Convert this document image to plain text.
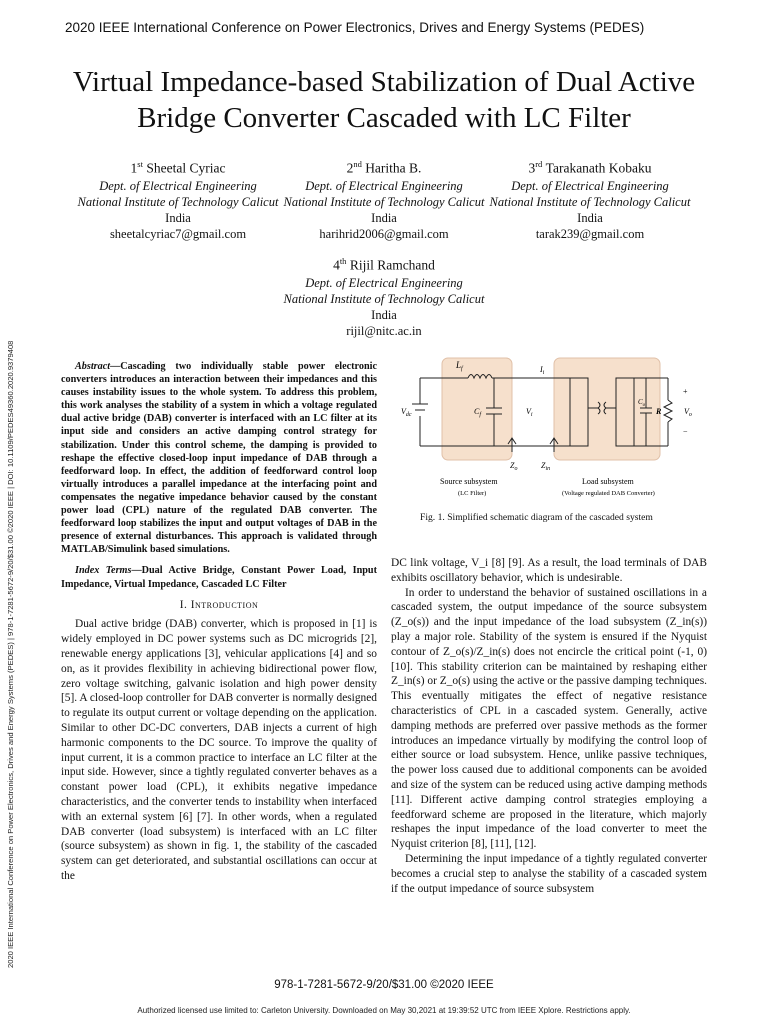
2020 IEEE International Conference on Power Electronics, Drives and Energy Systems (PEDES)
Virtual Impedance-based Stabilization of Dual Active Bridge Converter Cascaded with LC Filter
1st Sheetal Cyriac
Dept. of Electrical Engineering
National Institute of Technology Calicut
India
sheetalcyriac7@gmail.com
2nd Haritha B.
Dept. of Electrical Engineering
National Institute of Technology Calicut
India
harihrid2006@gmail.com
3rd Tarakanath Kobaku
Dept. of Electrical Engineering
National Institute of Technology Calicut
India
tarak239@gmail.com
4th Rijil Ramchand
Dept. of Electrical Engineering
National Institute of Technology Calicut
India
rijil@nitc.ac.in
2020 IEEE International Conference on Power Electronics, Drives and Energy Systems (PEDES) | 978-1-7281-5672-9/20/$31.00 ©2020 IEEE | DOI: 10.1109/PEDES49360.2020.9379408	Abstract—Cascading two individually stable power electronic converters introduces an interaction between their impedances and this causes instability issues to the whole system. To address this problem, this work analyses the stability of a system in which a voltage regulated dual active bridge (DAB) converter is interfaced with an LC filter at its input side and considers an active damping control strategy for stabilization. Under this control scheme, the damping is provided to reshape the effective closed-loop input impedance of DAB through a feedforward loop. In effect, the addition of feedforward control loop virtually introduces a parallel impedance at the interfacing point and compensates the negative impedance behavior caused by the constant power load (CPL) nature of the regulated DAB converter. The feedforward loop stabilizes the input and output voltages of DAB in the presence of external disturbances. This approach is validated through MATLAB/Simulink based simulations.
Index Terms—Dual Active Bridge, Constant Power Load, Input Impedance, Virtual Impedance, Cascaded LC Filter
I. Introduction

Dual active bridge (DAB) converter, which is proposed in [1] is widely employed in DC power systems such as DC microgrids [2], renewable energy applications [3], vehicular applications [4] and so on, as it provides flexibility in achieving bidirectional power flow, zero voltage switching, galvanic isolation and high power density [5]. A closed-loop controller for DAB converter is normally designed to regulate its output current or voltage depending on the application. Similar to other DC-DC converters, DAB injects a current of high harmonic components to the DC source. To improve the quality of input current, it is a common practice to interface an LC filter at the input side. However, since a tightly regulated converter behaves as a constant power load (CPL), it exhibits negative impedance characteristics, and the converter tends to instability when interfaced with an external system [6] [7]. In other words, when a regulated DAB converter (load subsystem) is interfaced with an LC filter (source subsystem) as shown in fig. 1, the stability of the cascaded system can get deteriorated, and substantial oscillations can occur at the

$L_f$
$V_{dc}$	$C_f$	$V_i$
$I_i$
$C_o$
R	$V_o$
+
−
$Z_o$	$Z_{in}$
Source subsystem
(LC Filter)
Load subsystem
(Voltage regulated DAB Converter)
Fig. 1. Simplified schematic diagram of the cascaded system

DC link voltage, V_i [8] [9]. As a result, the load terminals of DAB exhibits oscillatory behavior, which is undesirable.

In order to understand the behavior of sustained oscillations in a cascaded system, the output impedance of the source subsystem (Z_o(s)) and the input impedance of the load subsystem (Z_in(s)) play a major role. Stability of the system is ensured if the Nyquist contour of Z_o(s)/Z_in(s) does not encircle the critical point (-1, 0) [10]. This stability criterion can be maintained by reshaping either Z_in(s) or Z_o(s) using the active or the passive damping techniques. This eventually mitigates the effect of negative resistance characteristics of CPL in a cascaded system. Generally, active damping methods are preferred over passive methods as the former introduces an impedance virtually by modifying the control loop of either source or load subsystem. Hence, unlike passive techniques, the power loss caused due to additional components can be avoided and size of the system can be reduced using active damping methods [11]. Different active damping control strategies employing a feedforward scheme are proposed in the literature, which majorly reshapes the input impedance of the load converter to meet the Nyquist criterion [8], [11], [12].

Determining the input impedance of a tightly regulated converter becomes a crucial step to analyse the stability of a cascaded system if the output impedance of source subsystem

978-1-7281-5672-9/20/$31.00 ©2020 IEEE
Authorized licensed use limited to: Carleton University. Downloaded on May 30,2021 at 19:39:52 UTC from IEEE Xplore. Restrictions apply.
